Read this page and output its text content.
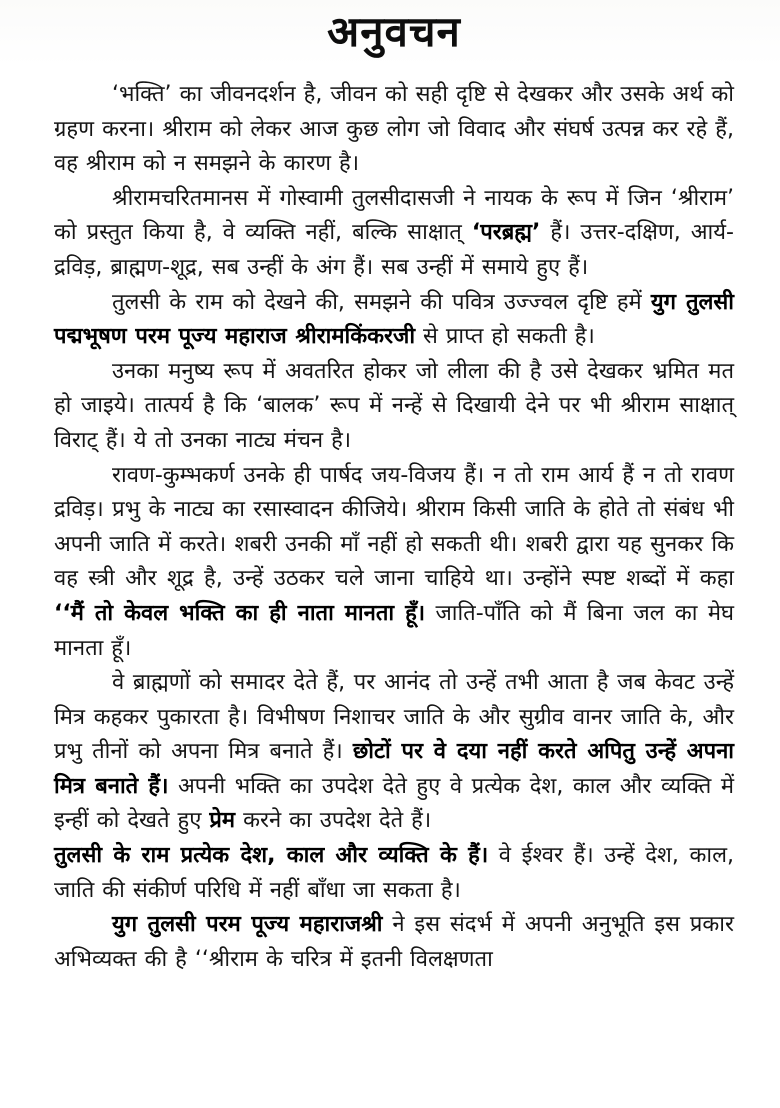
अनुवचन

‘भक्ति’ का जीवनदर्शन है, जीवन को सही दृष्टि से देखकर और उसके अर्थ को ग्रहण करना। श्रीराम को लेकर आज कुछ लोग जो विवाद और संघर्ष उत्पन्न कर रहे हैं, वह श्रीराम को न समझने के कारण है।

श्रीरामचरितमानस में गोस्वामी तुलसीदासजी ने नायक के रूप में जिन ‘श्रीराम’ को प्रस्तुत किया है, वे व्यक्ति नहीं, बल्कि साक्षात् ‘परब्रह्म’ हैं। उत्तर-दक्षिण, आर्य-द्रविड़, ब्राह्मण-शूद्र, सब उन्हीं के अंग हैं। सब उन्हीं में समाये हुए हैं।

तुलसी के राम को देखने की, समझने की पवित्र उज्ज्वल दृष्टि हमें युग तुलसी पद्मभूषण परम पूज्य महाराज श्रीरामकिंकरजी से प्राप्त हो सकती है।

उनका मनुष्य रूप में अवतरित होकर जो लीला की है उसे देखकर भ्रमित मत हो जाइये। तात्पर्य है कि ‘बालक’ रूप में नन्हें से दिखायी देने पर भी श्रीराम साक्षात् विराट् हैं। ये तो उनका नाट्य मंचन है।

रावण-कुम्भकर्ण उनके ही पार्षद जय-विजय हैं। न तो राम आर्य हैं न तो रावण द्रविड़। प्रभु के नाट्य का रसास्वादन कीजिये। श्रीराम किसी जाति के होते तो संबंध भी अपनी जाति में करते। शबरी उनकी माँ नहीं हो सकती थी। शबरी द्वारा यह सुनकर कि वह स्त्री और शूद्र है, उन्हें उठकर चले जाना चाहिये था। उन्होंने स्पष्ट शब्दों में कहा ‘‘मैं तो केवल भक्ति का ही नाता मानता हूँ। जाति-पाँति को मैं बिना जल का मेघ मानता हूँ।

वे ब्राह्मणों को समादर देते हैं, पर आनंद तो उन्हें तभी आता है जब केवट उन्हें मित्र कहकर पुकारता है। विभीषण निशाचर जाति के और सुग्रीव वानर जाति के, और प्रभु तीनों को अपना मित्र बनाते हैं। छोटों पर वे दया नहीं करते अपितु उन्हें अपना मित्र बनाते हैं। अपनी भक्ति का उपदेश देते हुए वे प्रत्येक देश, काल और व्यक्ति में इन्हीं को देखते हुए प्रेम करने का उपदेश देते हैं।

तुलसी के राम प्रत्येक देश, काल और व्यक्ति के हैं। वे ईश्वर हैं। उन्हें देश, काल, जाति की संकीर्ण परिधि में नहीं बाँधा जा सकता है।

युग तुलसी परम पूज्य महाराजश्री ने इस संदर्भ में अपनी अनुभूति इस प्रकार अभिव्यक्त की है ‘‘श्रीराम के चरित्र में इतनी विलक्षणता
